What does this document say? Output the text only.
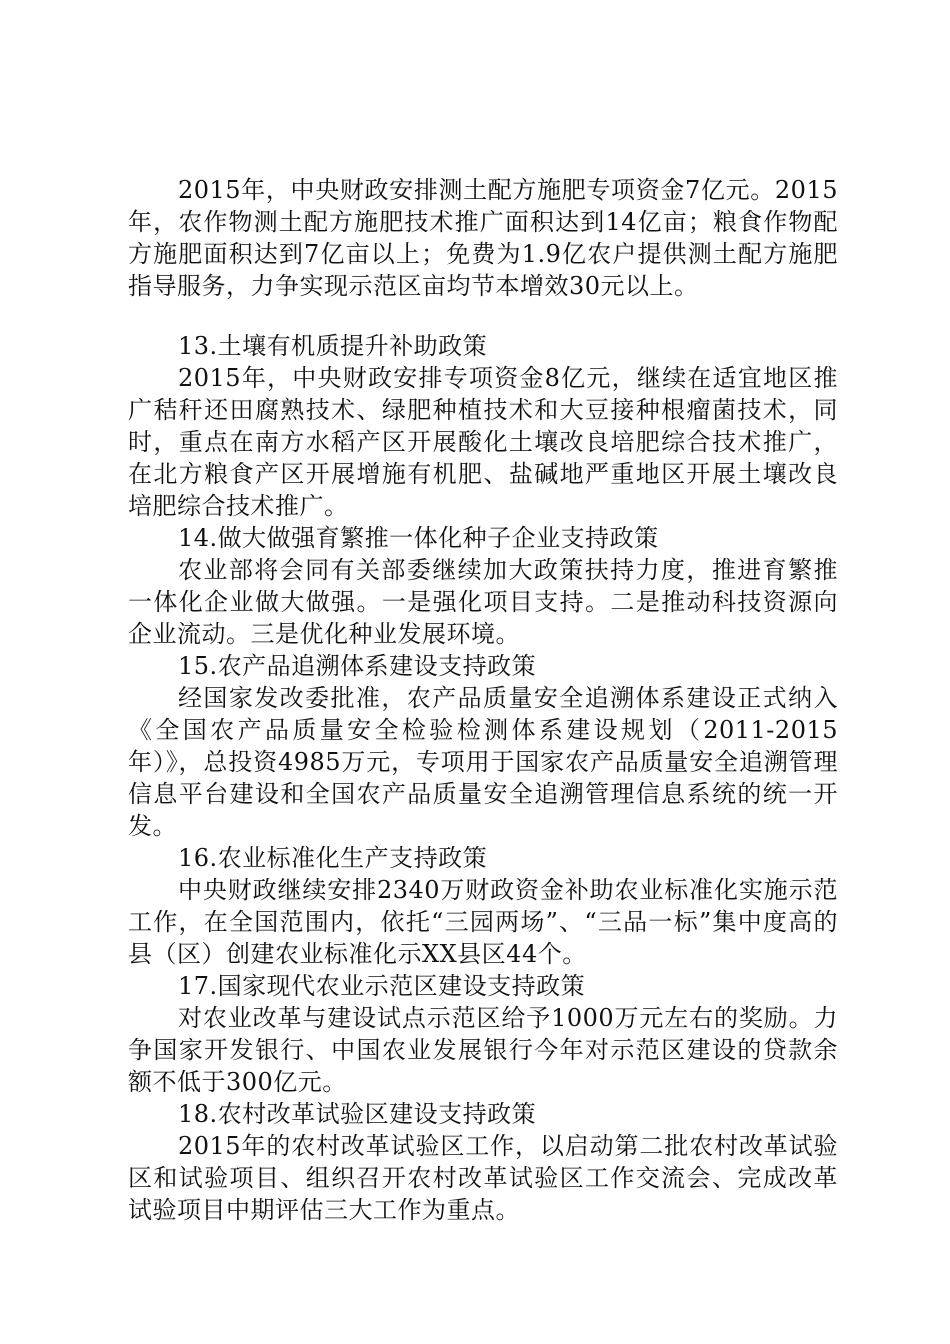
2015年，中央财政安排测土配方施肥专项资金7亿元。2015年，农作物测土配方施肥技术推广面积达到14亿亩；粮食作物配方施肥面积达到7亿亩以上；免费为1.9亿农户提供测土配方施肥指导服务，力争实现示范区亩均节本增效30元以上。

13.土壤有机质提升补助政策

2015年，中央财政安排专项资金8亿元，继续在适宜地区推广秸秆还田腐熟技术、绿肥种植技术和大豆接种根瘤菌技术，同时，重点在南方水稻产区开展酸化土壤改良培肥综合技术推广，在北方粮食产区开展增施有机肥、盐碱地严重地区开展土壤改良培肥综合技术推广。

14.做大做强育繁推一体化种子企业支持政策

农业部将会同有关部委继续加大政策扶持力度，推进育繁推一体化企业做大做强。一是强化项目支持。二是推动科技资源向企业流动。三是优化种业发展环境。

15.农产品追溯体系建设支持政策

经国家发改委批准，农产品质量安全追溯体系建设正式纳入《全国农产品质量安全检验检测体系建设规划（2011-2015年）》，总投资4985万元，专项用于国家农产品质量安全追溯管理信息平台建设和全国农产品质量安全追溯管理信息系统的统一开发。

16.农业标准化生产支持政策

中央财政继续安排2340万财政资金补助农业标准化实施示范工作，在全国范围内，依托“三园两场”、“三品一标”集中度高的县（区）创建农业标准化示XX县区44个。

17.国家现代农业示范区建设支持政策

对农业改革与建设试点示范区给予1000万元左右的奖励。力争国家开发银行、中国农业发展银行今年对示范区建设的贷款余额不低于300亿元。

18.农村改革试验区建设支持政策

2015年的农村改革试验区工作，以启动第二批农村改革试验区和试验项目、组织召开农村改革试验区工作交流会、完成改革试验项目中期评估三大工作为重点。
